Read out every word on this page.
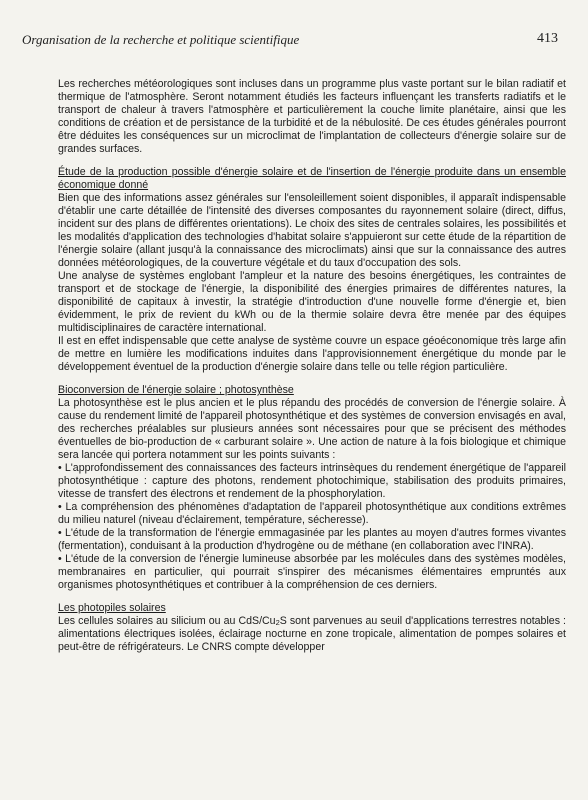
Organisation de la recherche et politique scientifique	413

Les recherches météorologiques sont incluses dans un programme plus vaste portant sur le bilan radiatif et thermique de l'atmosphère. Seront notamment étudiés les facteurs influençant les transferts radiatifs et le transport de chaleur à travers l'atmosphère et particulièrement la couche limite planétaire, ainsi que les conditions de création et de persistance de la turbidité et de la nébulosité. De ces études générales pourront être déduites les conséquences sur un microclimat de l'implantation de collecteurs d'énergie solaire sur de grandes surfaces.

Étude de la production possible d'énergie solaire et de l'insertion de l'énergie produite dans un ensemble économique donné

Bien que des informations assez générales sur l'ensoleillement soient disponibles, il apparaît indispensable d'établir une carte détaillée de l'intensité des diverses composantes du rayonnement solaire (direct, diffus, incident sur des plans de différentes orientations). Le choix des sites de centrales solaires, les possibilités et les modalités d'application des technologies d'habitat solaire s'appuieront sur cette étude de la répartition de l'énergie solaire (allant jusqu'à la connaissance des microclimats) ainsi que sur la connaissance des autres données météorologiques, de la couverture végétale et du taux d'occupation des sols.

Une analyse de systèmes englobant l'ampleur et la nature des besoins énergétiques, les contraintes de transport et de stockage de l'énergie, la disponibilité des énergies primaires de différentes natures, la disponibilité de capitaux à investir, la stratégie d'introduction d'une nouvelle forme d'énergie et, bien évidemment, le prix de revient du kWh ou de la thermie solaire devra être menée par des équipes multidisciplinaires de caractère international.

Il est en effet indispensable que cette analyse de système couvre un espace géoéconomique très large afin de mettre en lumière les modifications induites dans l'approvisionnement énergétique du monde par le développement éventuel de la production d'énergie solaire dans telle ou telle région particulière.

Bioconversion de l'énergie solaire ; photosynthèse

La photosynthèse est le plus ancien et le plus répandu des procédés de conversion de l'énergie solaire. À cause du rendement limité de l'appareil photosynthétique et des systèmes de conversion envisagés en aval, des recherches préalables sur plusieurs années sont nécessaires pour que se précisent des méthodes éventuelles de bio-production de « carburant solaire ». Une action de nature à la fois biologique et chimique sera lancée qui portera notamment sur les points suivants :

• L'approfondissement des connaissances des facteurs intrinsèques du rendement énergétique de l'appareil photosynthétique : capture des photons, rendement photochimique, stabilisation des produits primaires, vitesse de transfert des électrons et rendement de la phosphorylation.

• La compréhension des phénomènes d'adaptation de l'appareil photosynthétique aux conditions extrêmes du milieu naturel (niveau d'éclairement, température, sécheresse).

• L'étude de la transformation de l'énergie emmagasinée par les plantes au moyen d'autres formes vivantes (fermentation), conduisant à la production d'hydrogène ou de méthane (en collaboration avec l'INRA).

• L'étude de la conversion de l'énergie lumineuse absorbée par les molécules dans des systèmes modèles, membranaires en particulier, qui pourrait s'inspirer des mécanismes élémentaires empruntés aux organismes photosynthétiques et contribuer à la compréhension de ces derniers.

Les photopiles solaires

Les cellules solaires au silicium ou au CdS/$Cu_2S$ sont parvenues au seuil d'applications terrestres notables : alimentations électriques isolées, éclairage nocturne en zone tropicale, alimentation de pompes solaires et peut-être de réfrigérateurs. Le CNRS compte développer
